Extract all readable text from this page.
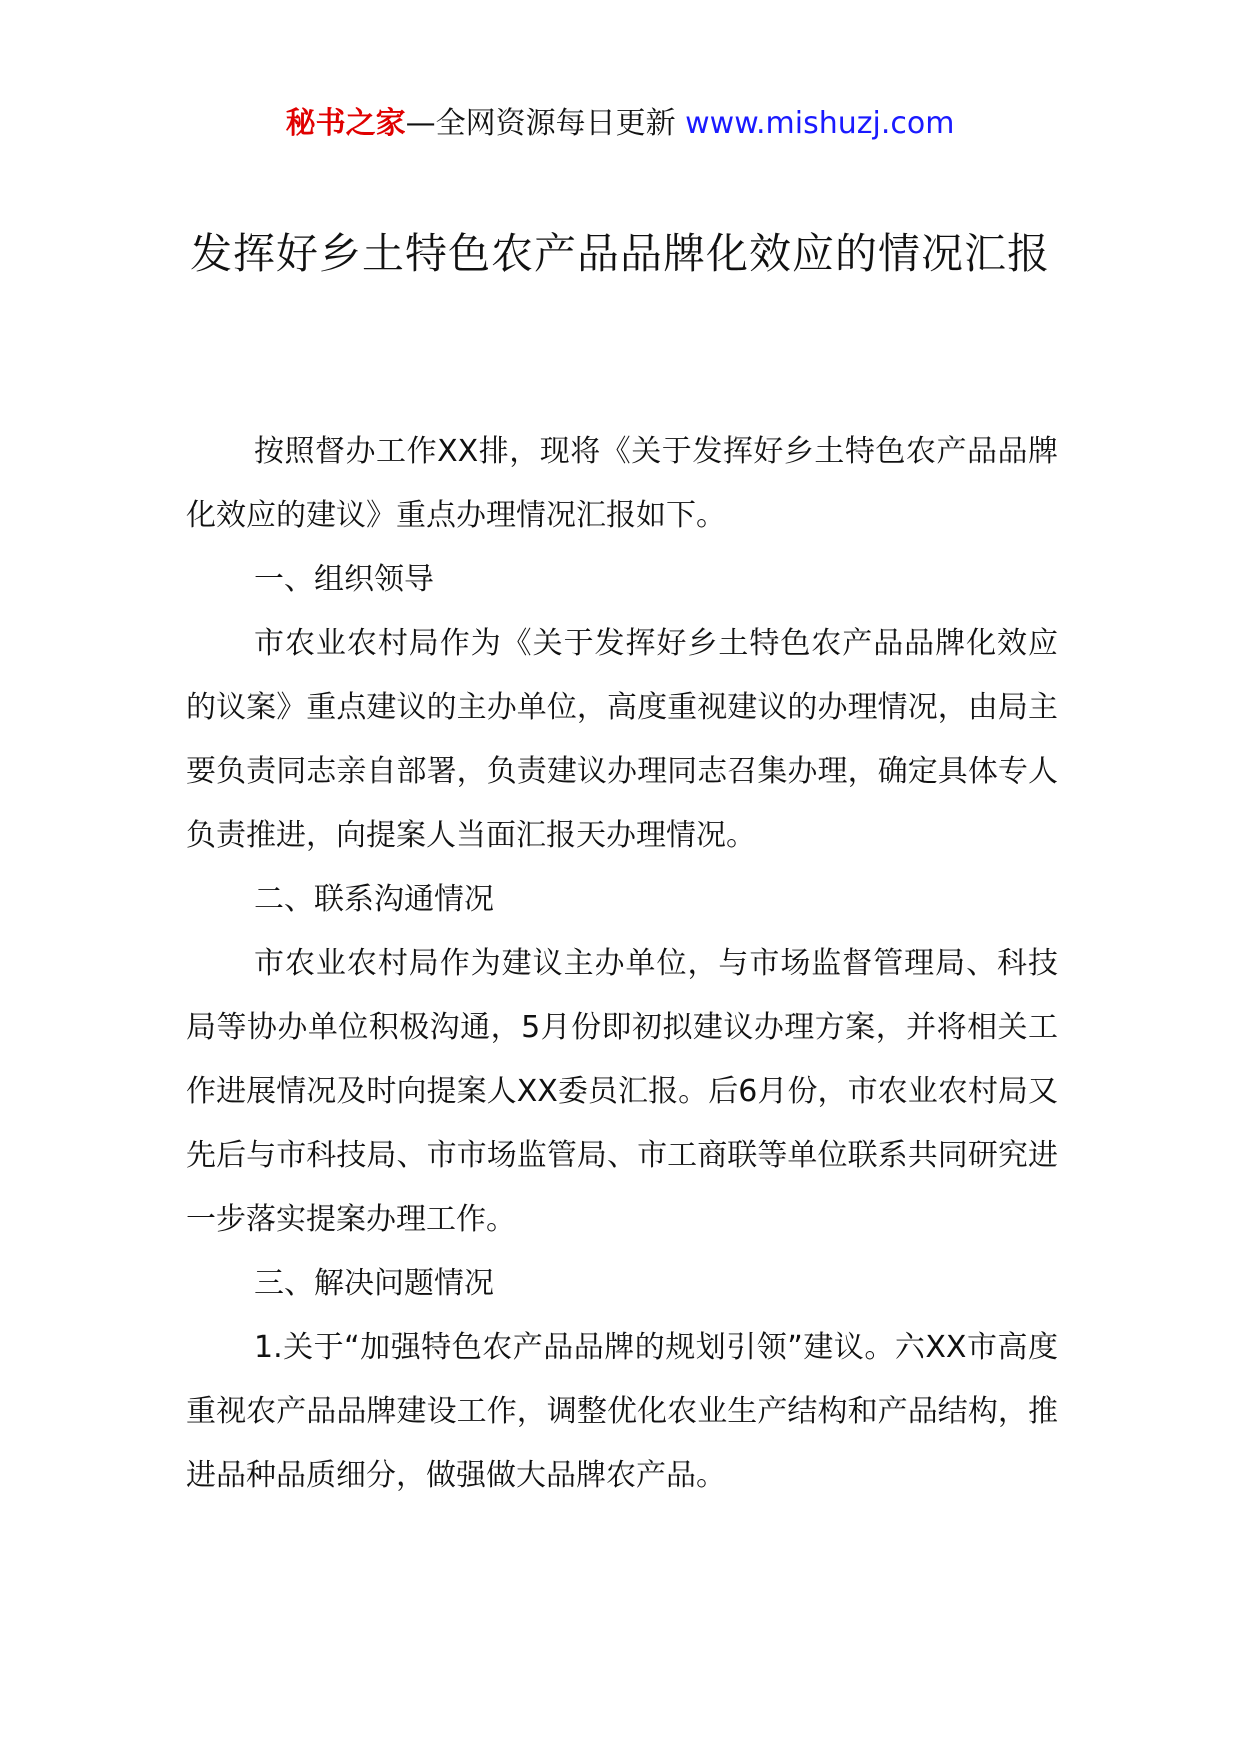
秘书之家—全网资源每日更新 www.mishuzj.com
发挥好乡土特色农产品品牌化效应的情况汇报

按照督办工作XX排，现将《关于发挥好乡土特色农产品品牌化效应的建议》重点办理情况汇报如下。

一、组织领导

市农业农村局作为《关于发挥好乡土特色农产品品牌化效应的议案》重点建议的主办单位，高度重视建议的办理情况，由局主要负责同志亲自部署，负责建议办理同志召集办理，确定具体专人负责推进，向提案人当面汇报天办理情况。

二、联系沟通情况

市农业农村局作为建议主办单位，与市场监督管理局、科技局等协办单位积极沟通，5月份即初拟建议办理方案，并将相关工作进展情况及时向提案人XX委员汇报。后6月份，市农业农村局又先后与市科技局、市市场监管局、市工商联等单位联系共同研究进一步落实提案办理工作。

三、解决问题情况

1.关于“加强特色农产品品牌的规划引领”建议。六XX市高度重视农产品品牌建设工作，调整优化农业生产结构和产品结构，推进品种品质细分，做强做大品牌农产品。
